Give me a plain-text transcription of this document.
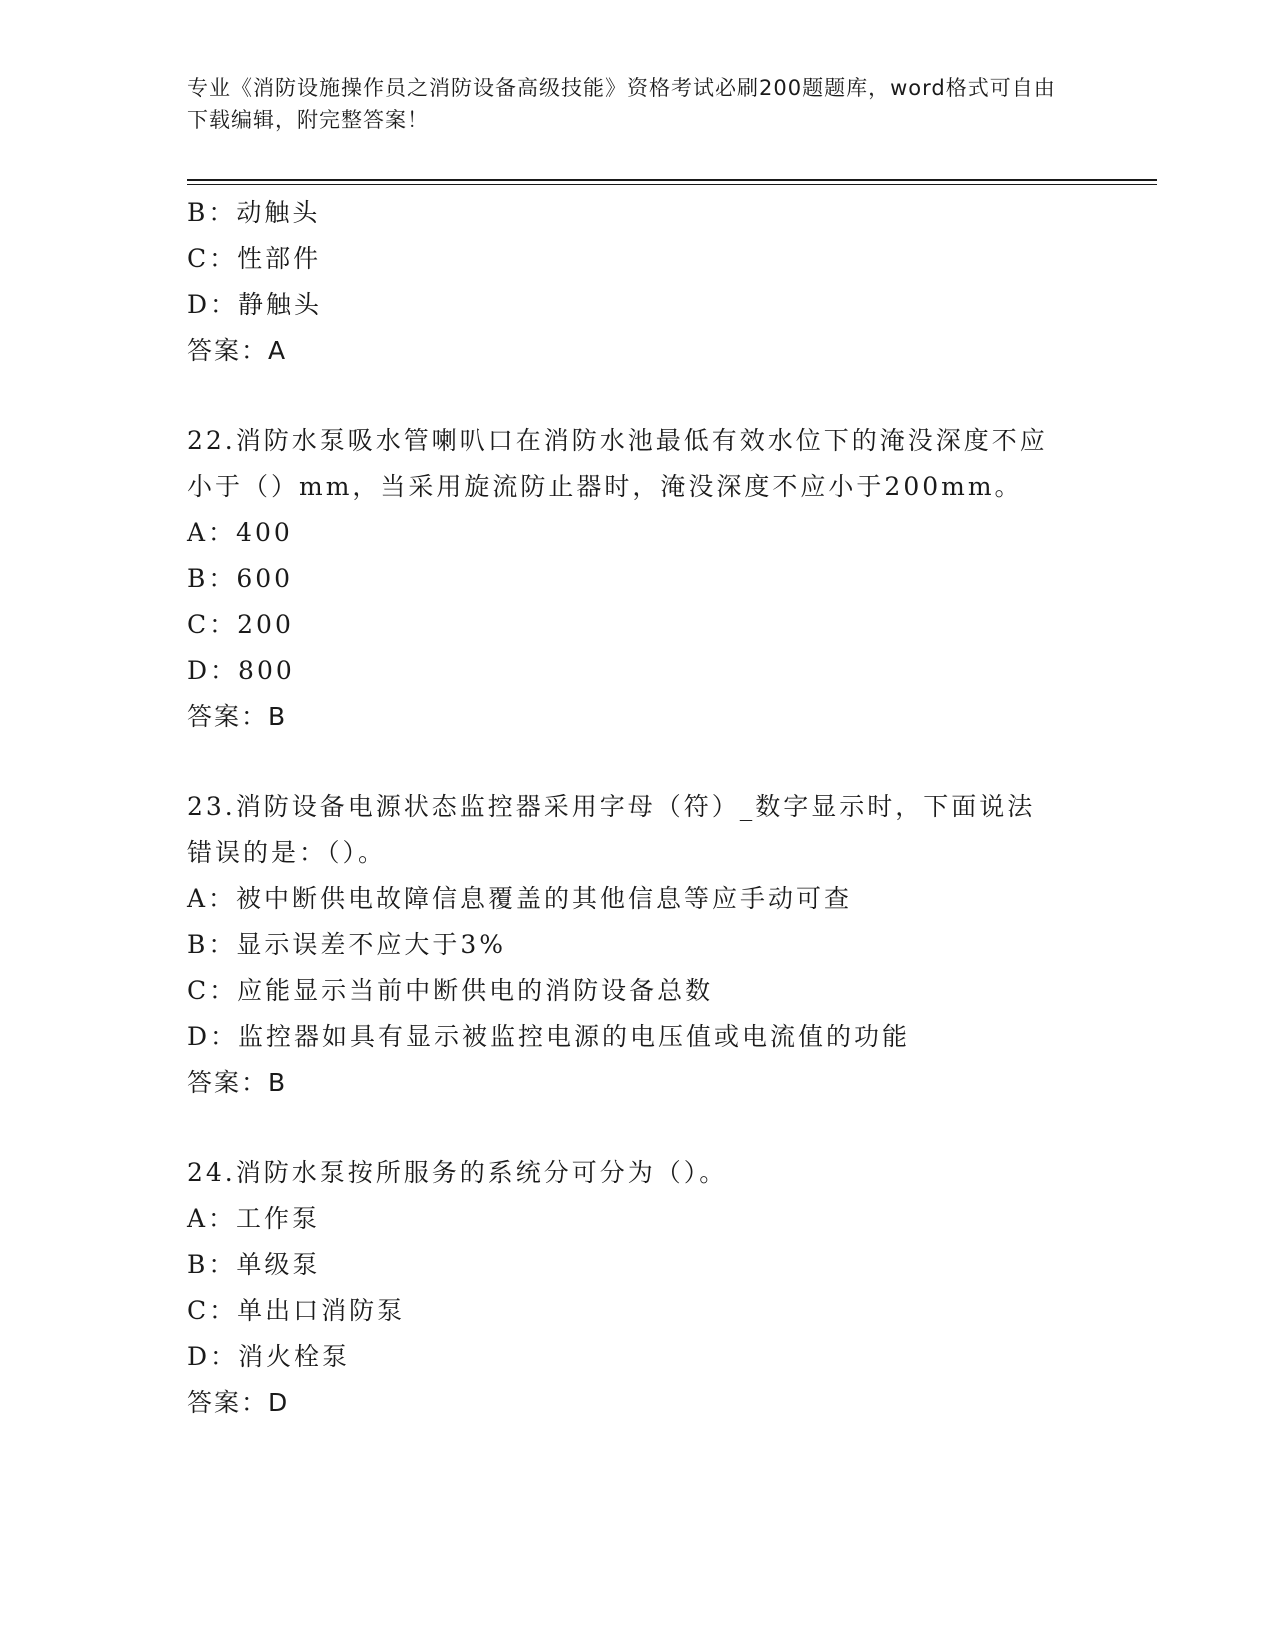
专业《消防设施操作员之消防设备高级技能》资格考试必刷200题题库，word格式可自由下载编辑，附完整答案！
B：动触头
C：性部件
D：静触头
答案：A
22.消防水泵吸水管喇叭口在消防水池最低有效水位下的淹没深度不应
小于（）mm，当采用旋流防止器时，淹没深度不应小于200mm。
A：400
B：600
C：200
D：800
答案：B
23.消防设备电源状态监控器采用字母（符）_数字显示时，下面说法
错误的是：（）。
A：被中断供电故障信息覆盖的其他信息等应手动可查
B：显示误差不应大于3%
C：应能显示当前中断供电的消防设备总数
D：监控器如具有显示被监控电源的电压值或电流值的功能
答案：B
24.消防水泵按所服务的系统分可分为（）。
A：工作泵
B：单级泵
C：单出口消防泵
D：消火栓泵
答案：D
